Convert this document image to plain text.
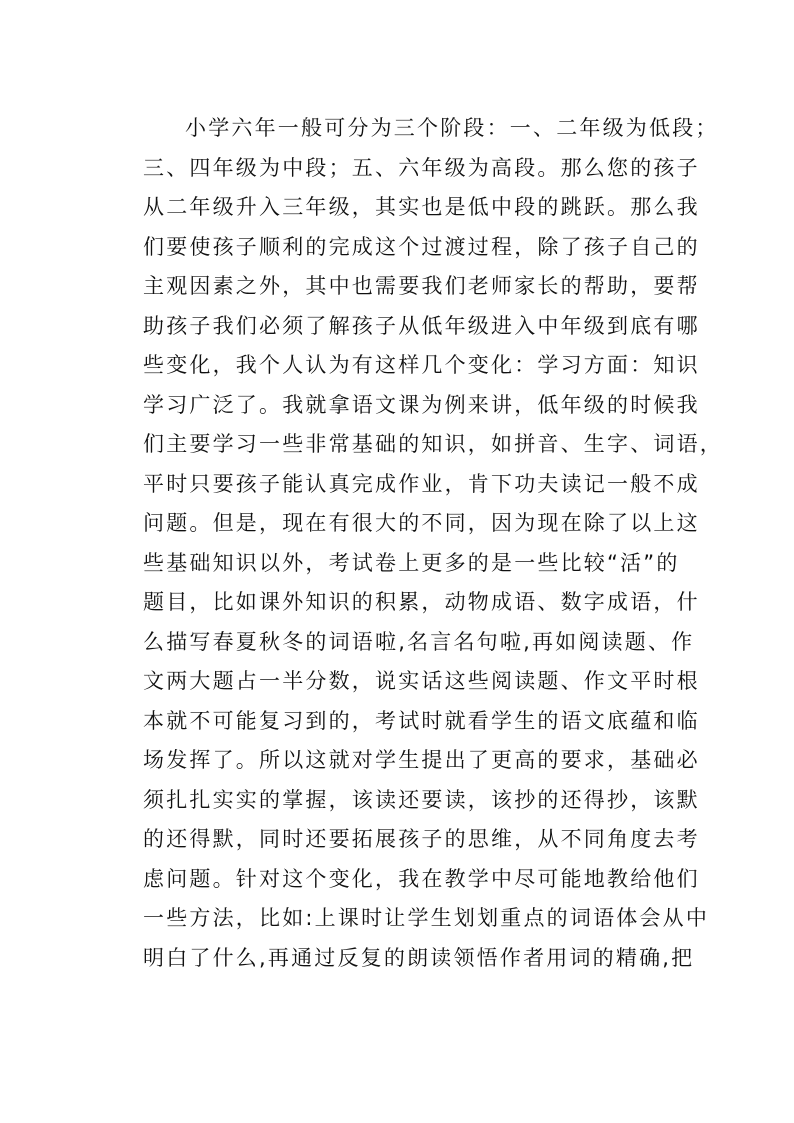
小学六年一般可分为三个阶段：一、二年级为低段；
三、四年级为中段；五、六年级为高段。那么您的孩子
从二年级升入三年级，其实也是低中段的跳跃。那么我
们要使孩子顺利的完成这个过渡过程，除了孩子自己的
主观因素之外，其中也需要我们老师家长的帮助，要帮
助孩子我们必须了解孩子从低年级进入中年级到底有哪
些变化，我个人认为有这样几个变化：学习方面：知识
学习广泛了。我就拿语文课为例来讲，低年级的时候我
们主要学习一些非常基础的知识，如拼音、生字、词语，
平时只要孩子能认真完成作业，肯下功夫读记一般不成
问题。但是，现在有很大的不同，因为现在除了以上这
些基础知识以外，考试卷上更多的是一些比较“活”的
题目，比如课外知识的积累，动物成语、数字成语，什
么描写春夏秋冬的词语啦,名言名句啦,再如阅读题、作
文两大题占一半分数，说实话这些阅读题、作文平时根
本就不可能复习到的，考试时就看学生的语文底蕴和临
场发挥了。所以这就对学生提出了更高的要求，基础必
须扎扎实实的掌握，该读还要读，该抄的还得抄，该默
的还得默，同时还要拓展孩子的思维，从不同角度去考
虑问题。针对这个变化，我在教学中尽可能地教给他们
一些方法，比如:上课时让学生划划重点的词语体会从中
明白了什么,再通过反复的朗读领悟作者用词的精确,把
